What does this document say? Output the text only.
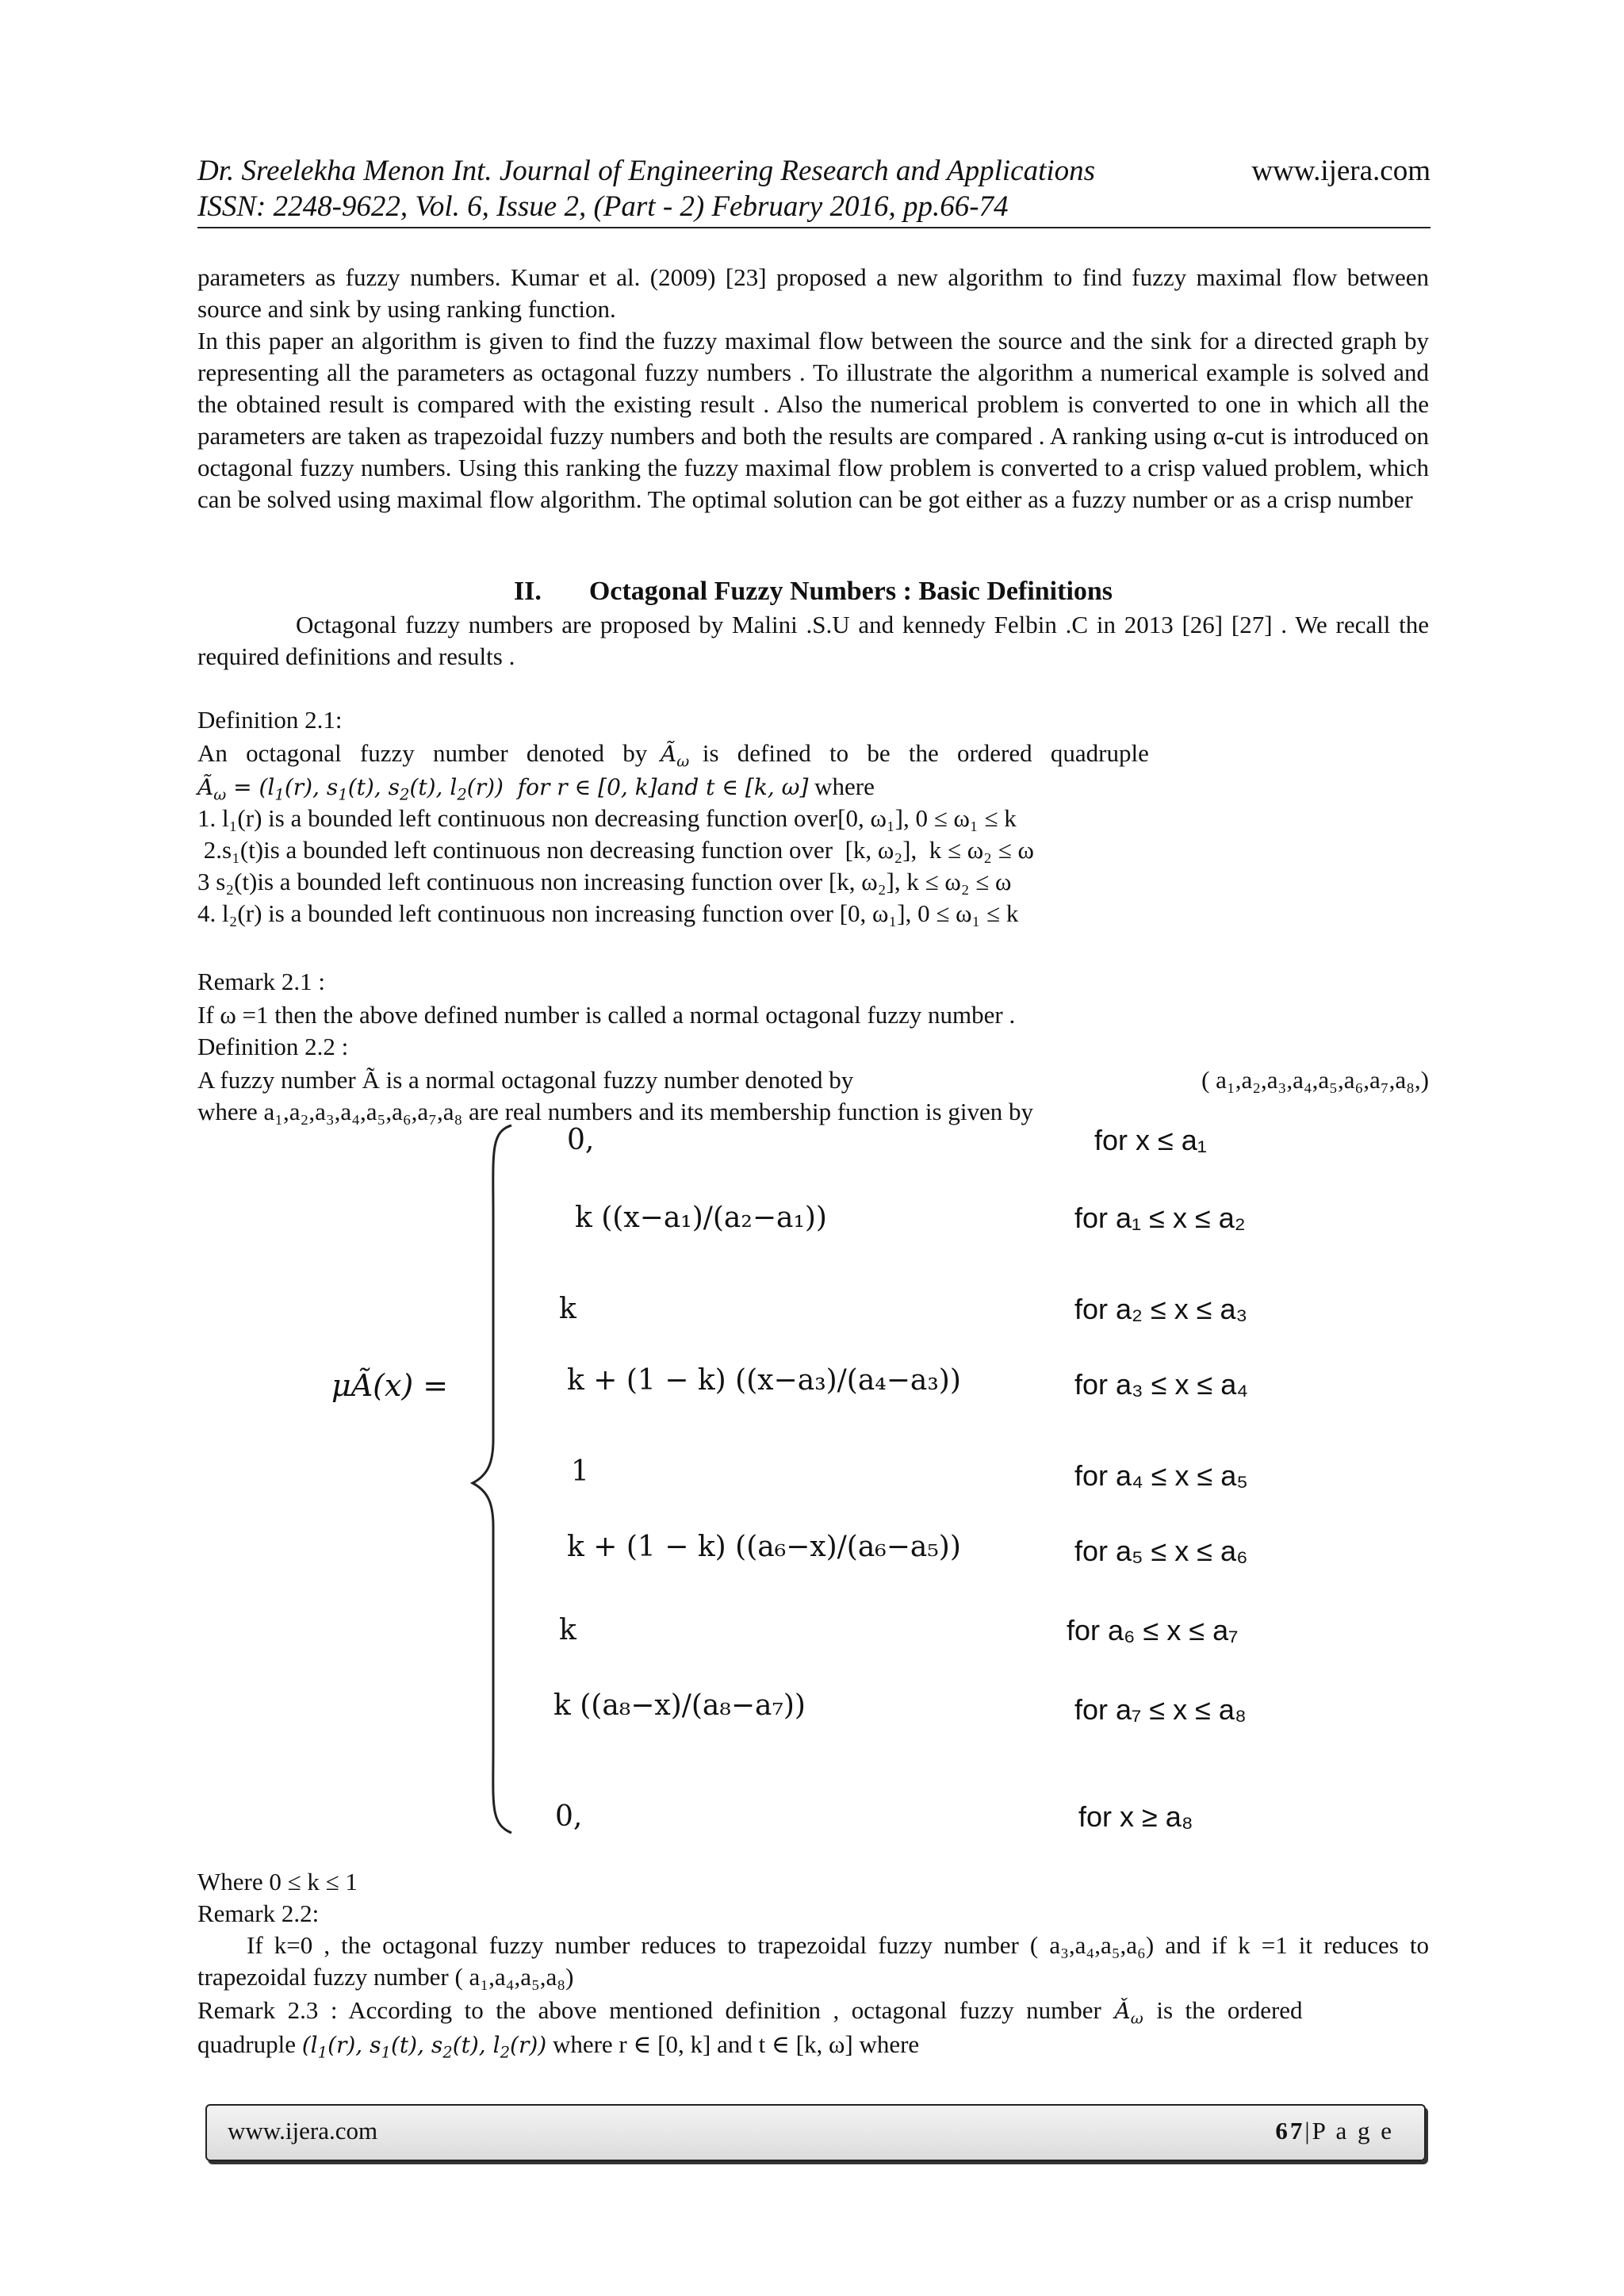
Dr. Sreelekha Menon Int. Journal of Engineering Research and Applications
ISSN: 2248-9622, Vol. 6, Issue 2, (Part - 2) February 2016, pp.66-74
www.ijera.com
parameters as fuzzy numbers. Kumar et al. (2009) [23] proposed a new algorithm to find fuzzy maximal flow between source and sink by using ranking function.
In this paper an algorithm is given to find the fuzzy maximal flow between the source and the sink for a directed graph by representing all the parameters as octagonal fuzzy numbers . To illustrate the algorithm a numerical example is solved and the obtained result is compared with the existing result . Also the numerical problem is converted to one in which all the parameters are taken as trapezoidal fuzzy numbers and both the results are compared . A ranking using α-cut is introduced on octagonal fuzzy numbers. Using this ranking the fuzzy maximal flow problem is converted to a crisp valued problem, which can be solved using maximal flow algorithm. The optimal solution can be got either as a fuzzy number or as a crisp number
II. Octagonal Fuzzy Numbers : Basic Definitions
Octagonal fuzzy numbers are proposed by Malini .S.U and kennedy Felbin .C in 2013 [26] [27] . We recall the required definitions and results .
Definition 2.1:
An   octagonal   fuzzy   number   denoted   by  $Ã_\omega$ is   defined   to   be   the   ordered   quadruple
$Ã_\omega = (l_1(r)$, $s_1(t)$, $s_2(t)$, $l_2(r)$)  for r ∈ [0, k]and t ∈ [k, ω] where
1. l₁(r) is a bounded left continuous non decreasing function over[0, ω₁], 0 ≤ ω₁ ≤ k
2.s₁(t)is a bounded left continuous non decreasing function over  [k, ω₂],  k ≤ ω₂ ≤ ω
3 s₂(t)is a bounded left continuous non increasing function over [k, ω₂], k ≤ ω₂ ≤ ω
4. l₂(r) is a bounded left continuous non increasing function over [0, ω₁], 0 ≤ ω₁ ≤ k
Remark 2.1 :
If ω =1 then the above defined number is called a normal octagonal fuzzy number .
Definition 2.2 :
A fuzzy number Ã is a normal octagonal fuzzy number denoted by	( a₁,a₂,a₃,a₄,a₅,a₆,a₇,a₈,)
where a₁,a₂,a₃,a₄,a₅,a₆,a₇,a₈ are real numbers and its membership function is given by
μÃ(x) =
0,	for x ≤ a₁
k ((x−a₁)/(a₂−a₁))	for a₁ ≤ x ≤ a₂
k	for a₂ ≤ x ≤ a₃
k + (1 − k) ((x−a₃)/(a₄−a₃))	for a₃ ≤ x ≤ a₄
1	for a₄ ≤ x ≤ a₅
k + (1 − k) ((a₆−x)/(a₆−a₅))	for a₅ ≤ x ≤ a₆
k	for a₆ ≤ x ≤ a₇
k ((a₈−x)/(a₈−a₇))	for a₇ ≤ x ≤ a₈
0,	for x ≥ a₈
Where 0 ≤ k ≤ 1
Remark 2.2:
If k=0 , the octagonal fuzzy number reduces to trapezoidal fuzzy number ( a₃,a₄,a₅,a₆) and if k =1 it reduces to trapezoidal fuzzy number ( a₁,a₄,a₅,a₈)
Remark  2.3  :  According  to  the  above  mentioned  definition  ,  octagonal  fuzzy  number  $Ǎ_\omega$ is  the  ordered
quadruple ($l_1(r)$, $s_1(t)$, $s_2(t)$, $l_2(r)$) where r ∈ [0, k] and t ∈ [k, ω] where
www.ijera.com	67|P a g e
